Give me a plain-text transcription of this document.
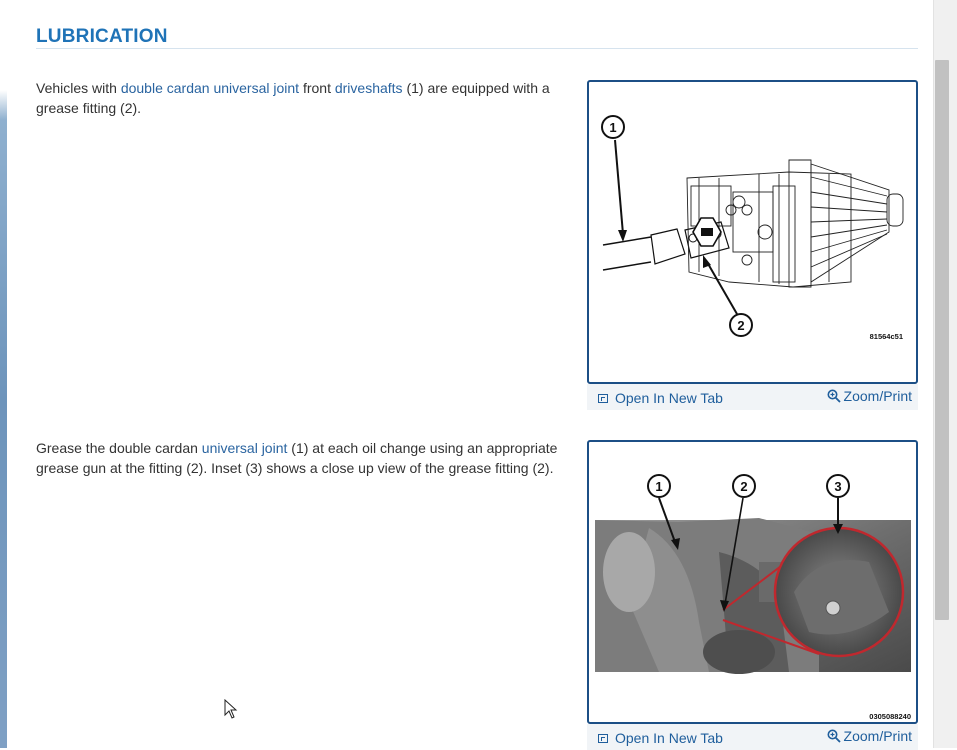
LUBRICATION

Vehicles with double cardan universal joint front driveshafts (1) are equipped with a grease fitting (2).

1
2
81564c51
Open In New Tab	Zoom/Print

Grease the double cardan universal joint (1) at each oil change using an appropriate grease gun at the fitting (2). Inset (3) shows a close up view of the grease fitting (2).

1	2	3
0305088240
Open In New Tab	Zoom/Print
